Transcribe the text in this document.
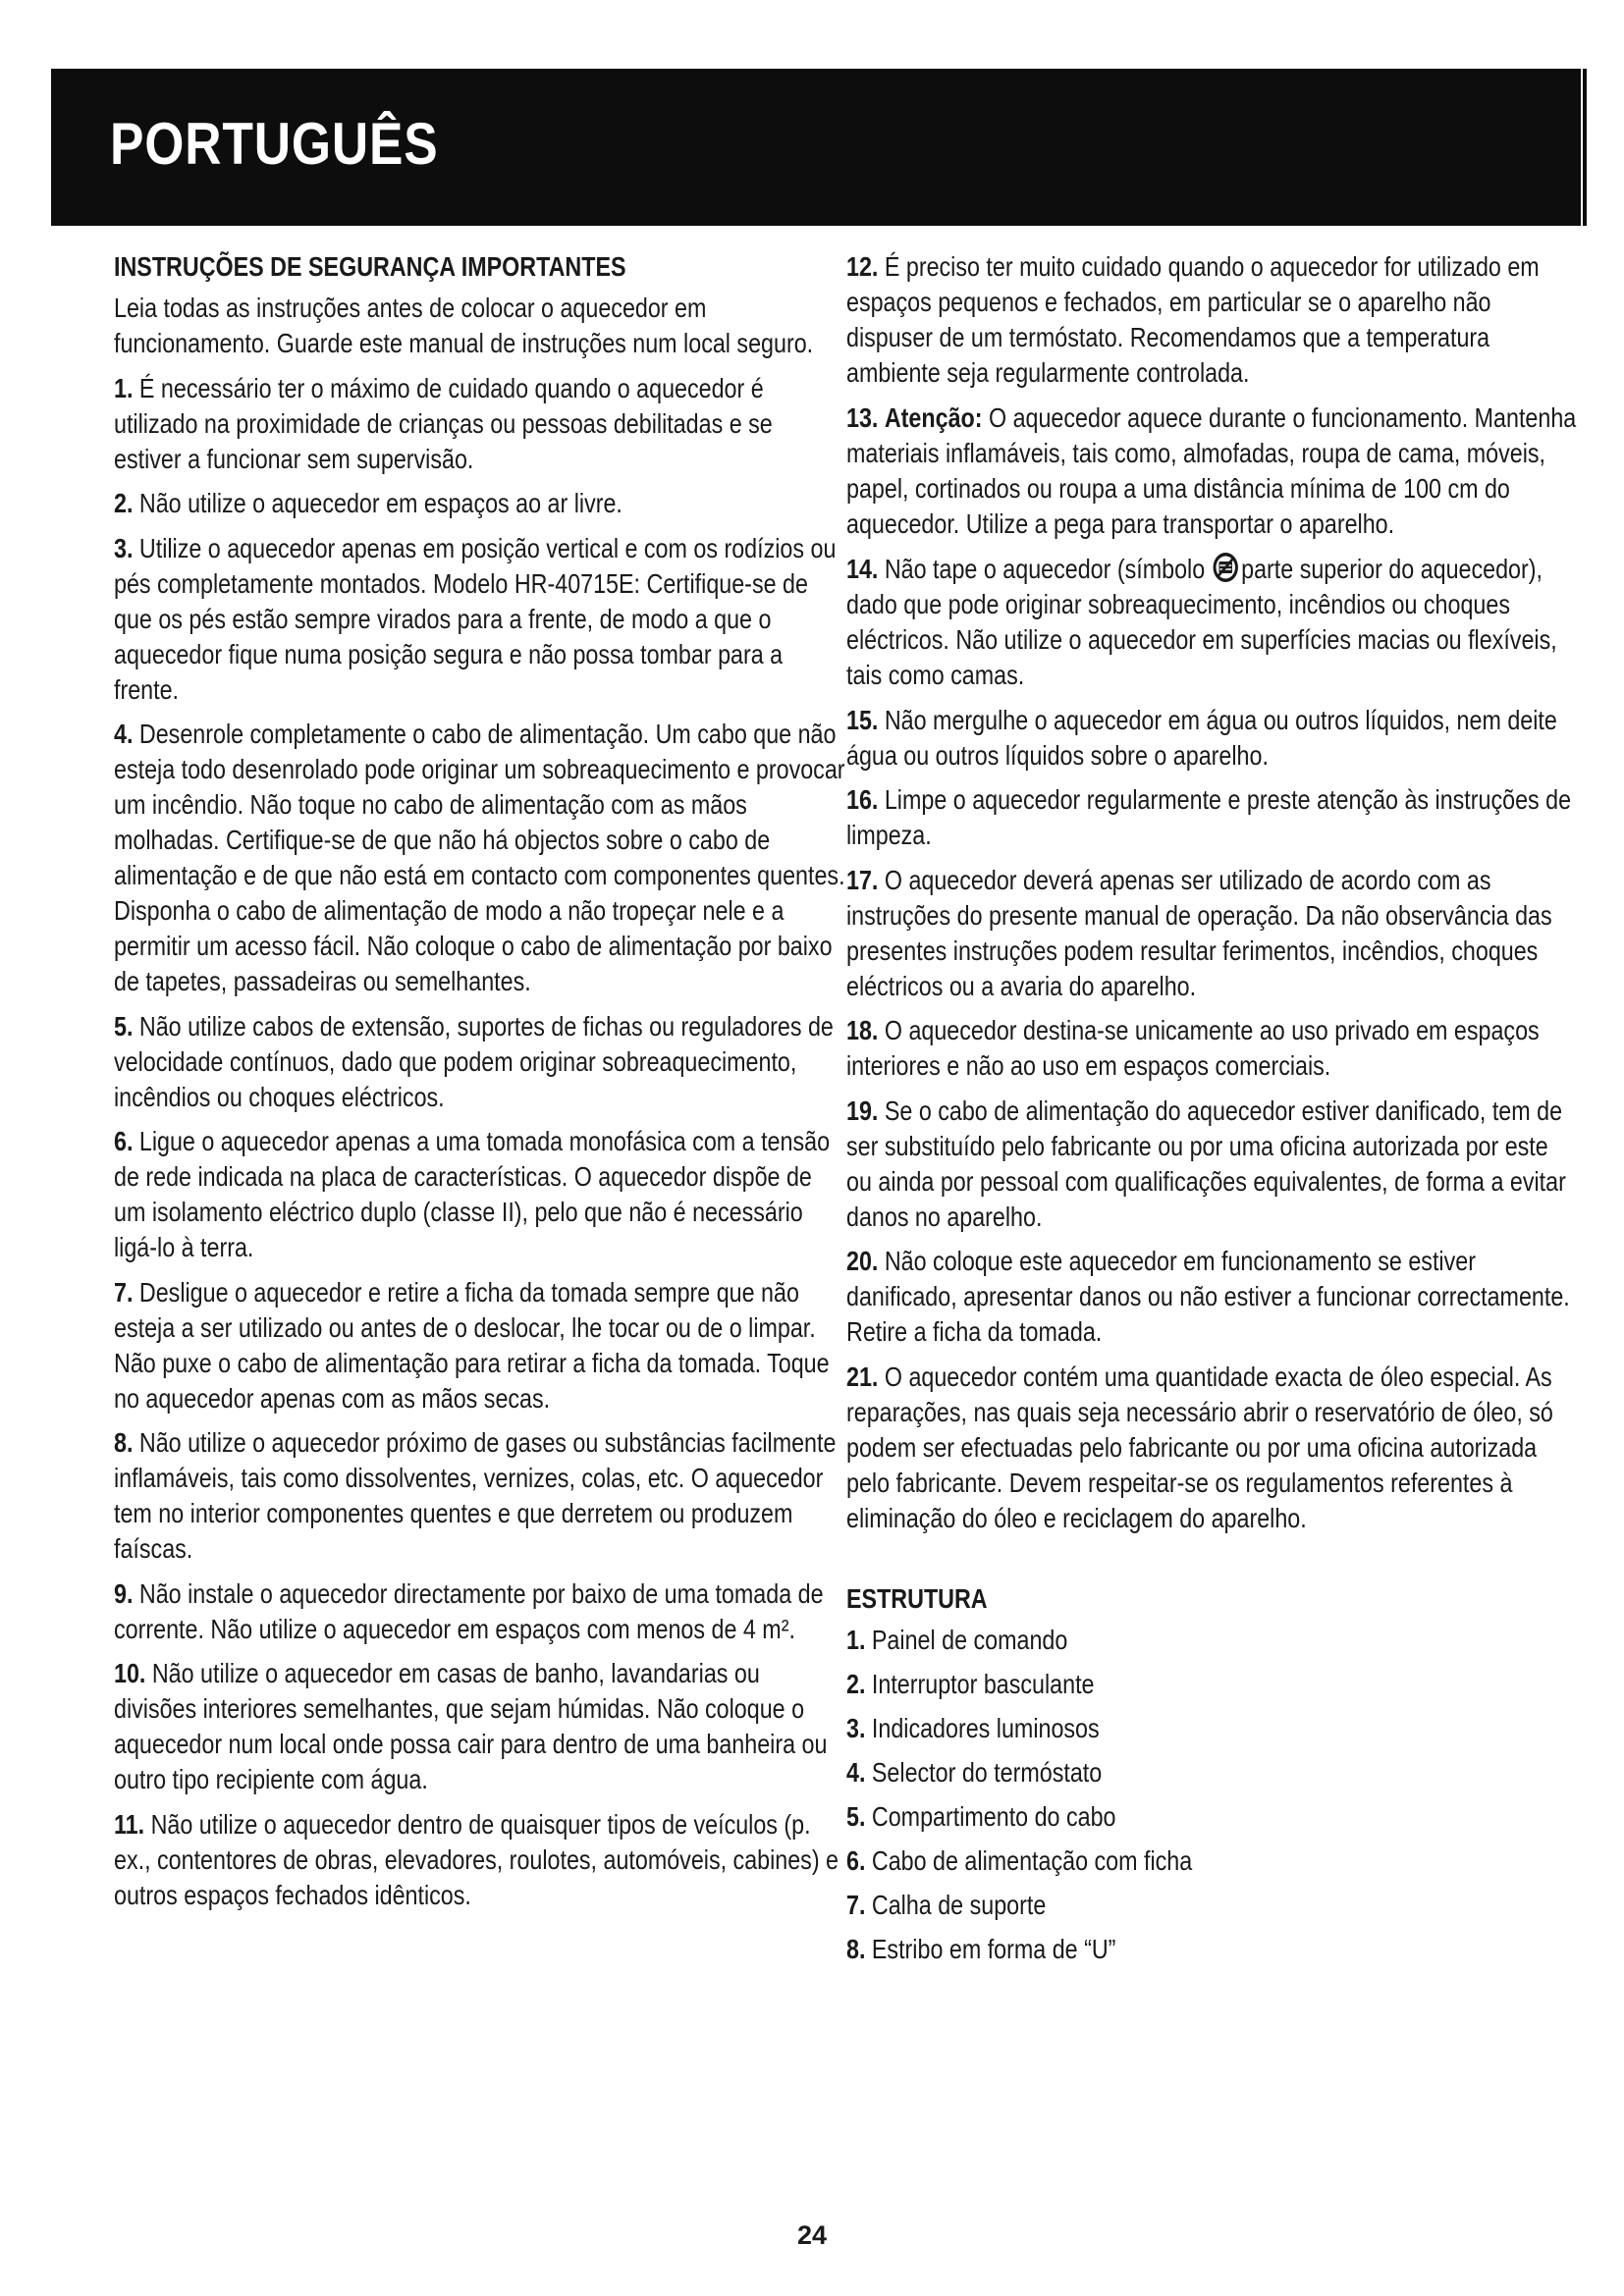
PORTUGUÊS
INSTRUÇÕES DE SEGURANÇA IMPORTANTES

Leia todas as instruções antes de colocar o aquecedor em funcionamento. Guarde este manual de instruções num local seguro.

1. É necessário ter o máximo de cuidado quando o aquecedor é utilizado na proximidade de crianças ou pessoas debilitadas e se estiver a funcionar sem supervisão.

2. Não utilize o aquecedor em espaços ao ar livre.

3. Utilize o aquecedor apenas em posição vertical e com os rodízios ou pés completamente montados. Modelo HR-40715E: Certifique-se de que os pés estão sempre virados para a frente, de modo a que o aquecedor fique numa posição segura e não possa tombar para a frente.

4. Desenrole completamente o cabo de alimentação. Um cabo que não esteja todo desenrolado pode originar um sobreaquecimento e provocar um incêndio. Não toque no cabo de alimentação com as mãos molhadas. Certifique-se de que não há objectos sobre o cabo de alimentação e de que não está em contacto com componentes quentes. Disponha o cabo de alimentação de modo a não tropeçar nele e a permitir um acesso fácil. Não coloque o cabo de alimentação por baixo de tapetes, passadeiras ou semelhantes.

5. Não utilize cabos de extensão, suportes de fichas ou reguladores de velocidade contínuos, dado que podem originar sobreaquecimento, incêndios ou choques eléctricos.

6. Ligue o aquecedor apenas a uma tomada monofásica com a tensão de rede indicada na placa de características. O aquecedor dispõe de um isolamento eléctrico duplo (classe II), pelo que não é necessário ligá-lo à terra.

7. Desligue o aquecedor e retire a ficha da tomada sempre que não esteja a ser utilizado ou antes de o deslocar, lhe tocar ou de o limpar. Não puxe o cabo de alimentação para retirar a ficha da tomada. Toque no aquecedor apenas com as mãos secas.

8. Não utilize o aquecedor próximo de gases ou substâncias facilmente inflamáveis, tais como dissolventes, vernizes, colas, etc. O aquecedor tem no interior componentes quentes e que derretem ou produzem faíscas.

9. Não instale o aquecedor directamente por baixo de uma tomada de corrente. Não utilize o aquecedor em espaços com menos de 4 m².

10. Não utilize o aquecedor em casas de banho, lavandarias ou divisões interiores semelhantes, que sejam húmidas. Não coloque o aquecedor num local onde possa cair para dentro de uma banheira ou outro tipo recipiente com água.

11. Não utilize o aquecedor dentro de quaisquer tipos de veículos (p. ex., contentores de obras, elevadores, roulotes, automóveis, cabines) e outros espaços fechados idênticos.

12. É preciso ter muito cuidado quando o aquecedor for utilizado em espaços pequenos e fechados, em particular se o aparelho não dispuser de um termóstato. Recomendamos que a temperatura ambiente seja regularmente controlada.

13. Atenção: O aquecedor aquece durante o funcionamento. Mantenha materiais inflamáveis, tais como, almofadas, roupa de cama, móveis, papel, cortinados ou roupa a uma distância mínima de 100 cm do aquecedor. Utilize a pega para transportar o aparelho.

14. Não tape o aquecedor (símbolo parte superior do aquecedor), dado que pode originar sobreaquecimento, incêndios ou choques eléctricos. Não utilize o aquecedor em superfícies macias ou flexíveis, tais como camas.

15. Não mergulhe o aquecedor em água ou outros líquidos, nem deite água ou outros líquidos sobre o aparelho.

16. Limpe o aquecedor regularmente e preste atenção às instruções de limpeza.

17. O aquecedor deverá apenas ser utilizado de acordo com as instruções do presente manual de operação. Da não observância das presentes instruções podem resultar ferimentos, incêndios, choques eléctricos ou a avaria do aparelho.

18. O aquecedor destina-se unicamente ao uso privado em espaços interiores e não ao uso em espaços comerciais.

19. Se o cabo de alimentação do aquecedor estiver danificado, tem de ser substituído pelo fabricante ou por uma oficina autorizada por este ou ainda por pessoal com qualificações equivalentes, de forma a evitar danos no aparelho.

20. Não coloque este aquecedor em funcionamento se estiver danificado, apresentar danos ou não estiver a funcionar correctamente. Retire a ficha da tomada.

21. O aquecedor contém uma quantidade exacta de óleo especial. As reparações, nas quais seja necessário abrir o reservatório de óleo, só podem ser efectuadas pelo fabricante ou por uma oficina autorizada pelo fabricante. Devem respeitar-se os regulamentos referentes à eliminação do óleo e reciclagem do aparelho.

ESTRUTURA
1. Painel de comando
2. Interruptor basculante
3. Indicadores luminosos
4. Selector do termóstato
5. Compartimento do cabo
6. Cabo de alimentação com ficha
7. Calha de suporte
8. Estribo em forma de “U”
24
